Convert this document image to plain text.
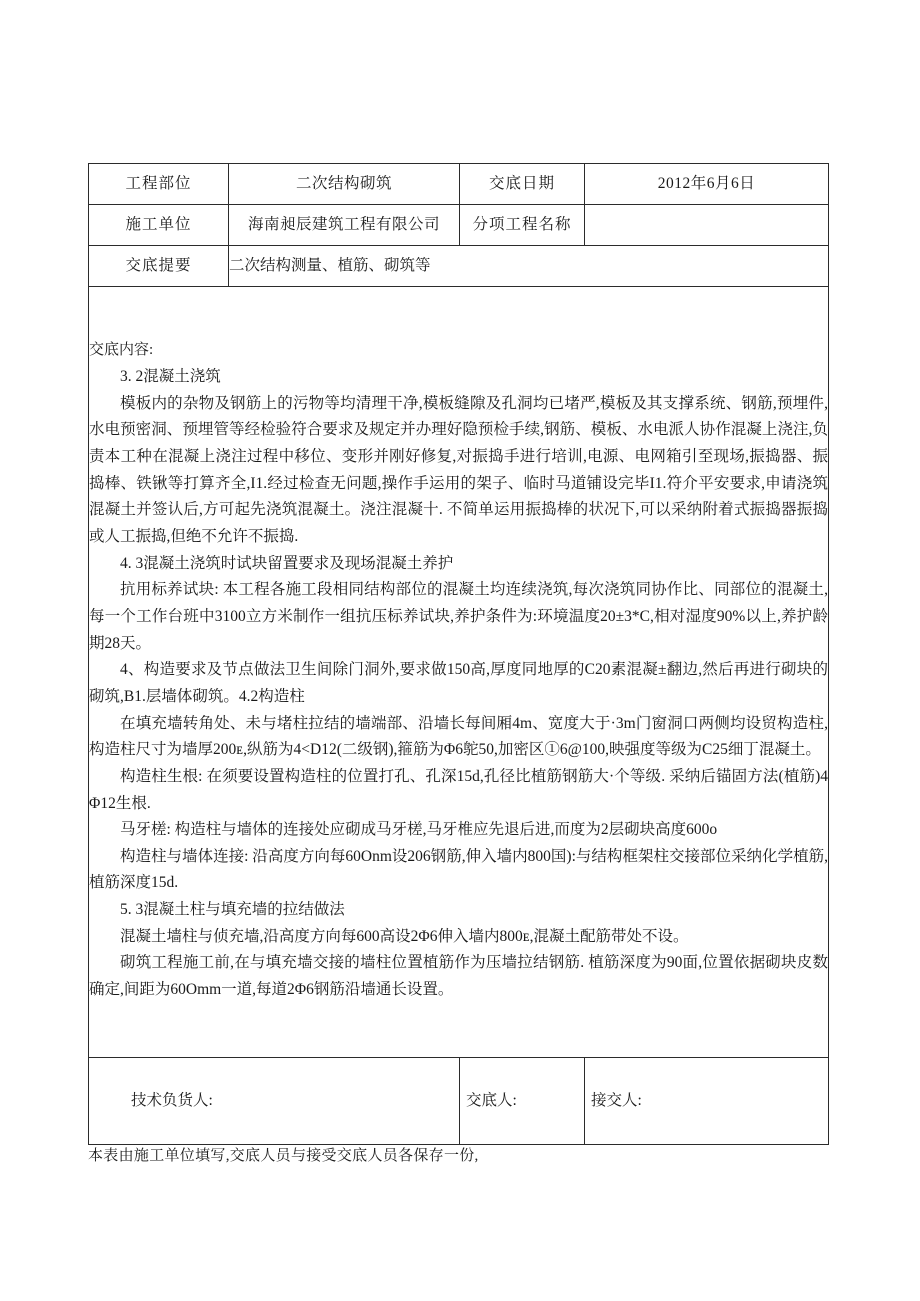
工程部位	二次结构砌筑	交底日期	2012年6月6日
施工单位	海南昶辰建筑工程有限公司	分项工程名称	
交底提要	二次结构测量、植筋、砌筑等		

交底内容:

3. 2混凝土浇筑

模板内的杂物及钢筋上的污物等均清理干净,模板缝隙及孔洞均已堵严,模板及其支撑系统、钢筋,预埋件,水电预密洞、预埋管等经检验符合要求及规定并办理好隐预检手续,钢筋、模板、水电派人协作混凝上浇注,负责本工种在混凝上浇注过程中移位、变形并刚好修复,对振捣手进行培训,电源、电网箱引至现场,振捣器、振捣棒、铁锹等打算齐全,I1.经过检查无问题,操作手运用的架子、临时马道铺设完毕I1.符介平安要求,申请浇筑混凝土并签认后,方可起先浇筑混凝土。浇注混凝十. 不简单运用振捣棒的状况下,可以采纳附着式振捣器振捣或人工振捣,但绝不允许不振捣.

4. 3混凝土浇筑时试块留置要求及现场混凝土养护

抗用标养试块: 本工程各施工段相同结构部位的混凝土均连续浇筑,每次浇筑同协作比、同部位的混凝土,每一个工作台班中3100立方米制作一组抗压标养试块,养护条件为:环境温度20±3*C,相对湿度90%以上,养护龄期28天。

4、构造要求及节点做法卫生间除门洞外,要求做150高,厚度同地厚的C20素混凝±翻边,然后再进行砌块的砌筑,B1.层墙体砌筑。4.2构造柱

在填充墙转角处、未与堵柱拉结的墙端部、沿墙长每间厢4m、宽度大于·3m门窗洞口两侧均设贸构造柱,构造柱尺寸为墙厚200ᴇ,纵筋为4<D12(二级钢),箍筋为Φ6鸵50,加密区①6@100,映强度等级为C25细丁混凝土。

构造柱生根: 在须要设置构造柱的位置打孔、孔深15d,孔径比植筋钢筋大·个等级. 采纳后锚固方法(植筋)4Φ12生根.

马牙槎: 构造柱与墙体的连接处应砌成马牙槎,马牙椎应先退后进,而度为2层砌块高度600o

构造柱与墙体连接: 沿高度方向每60Onm设206钢筋,伸入墙内800国):与结构框架柱交接部位采纳化学植筋,植筋深度15d.

5. 3混凝土柱与填充墙的拉结做法

混凝土墙柱与侦充墙,沿高度方向每600高设2Φ6伸入墙内800ᴇ,混凝土配筋带处不设。

砌筑工程施工前,在与填充墙交接的墙柱位置植筋作为压墙拉结钢筋. 植筋深度为90面,位置依据砌块皮数确定,间距为60Omm一道,每道2Φ6钢筋沿墙通长设置。

技术负货人:		交底人:	接交人:
本表由施工单位填写,交底人员与接受交底人员各保存一份,
